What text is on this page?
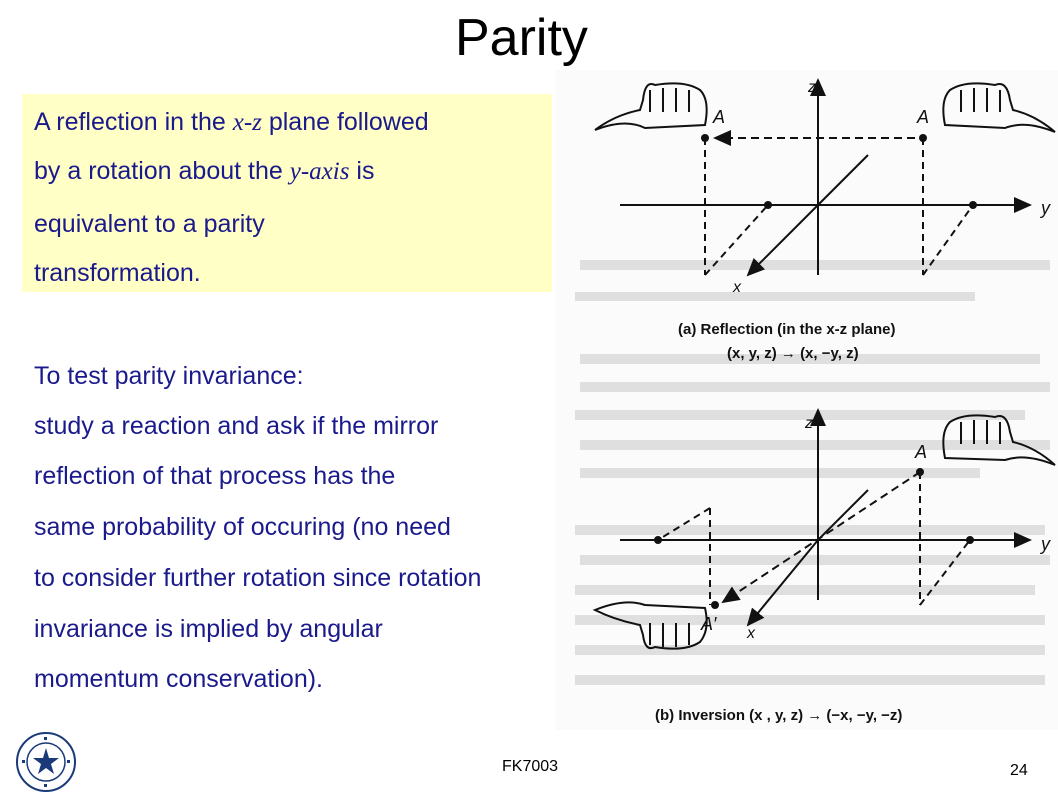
Parity
A reflection in the x-z plane followed
by a rotation about the y-axis is
equivalent to a parity
transformation.
To test parity invariance:
study a reaction and ask if the mirror
reflection of that process has the
same probability of occuring (no need
to consider further rotation since rotation
invariance is implied by angular
momentum conservation).
z
y
x
A	A
(a) Reflection (in the x-z plane)
(x, y, z) → (x, −y, z)
z
y
x
A
A′
(b) Inversion (x , y, z) → (−x, −y, −z)
FK7003	24
